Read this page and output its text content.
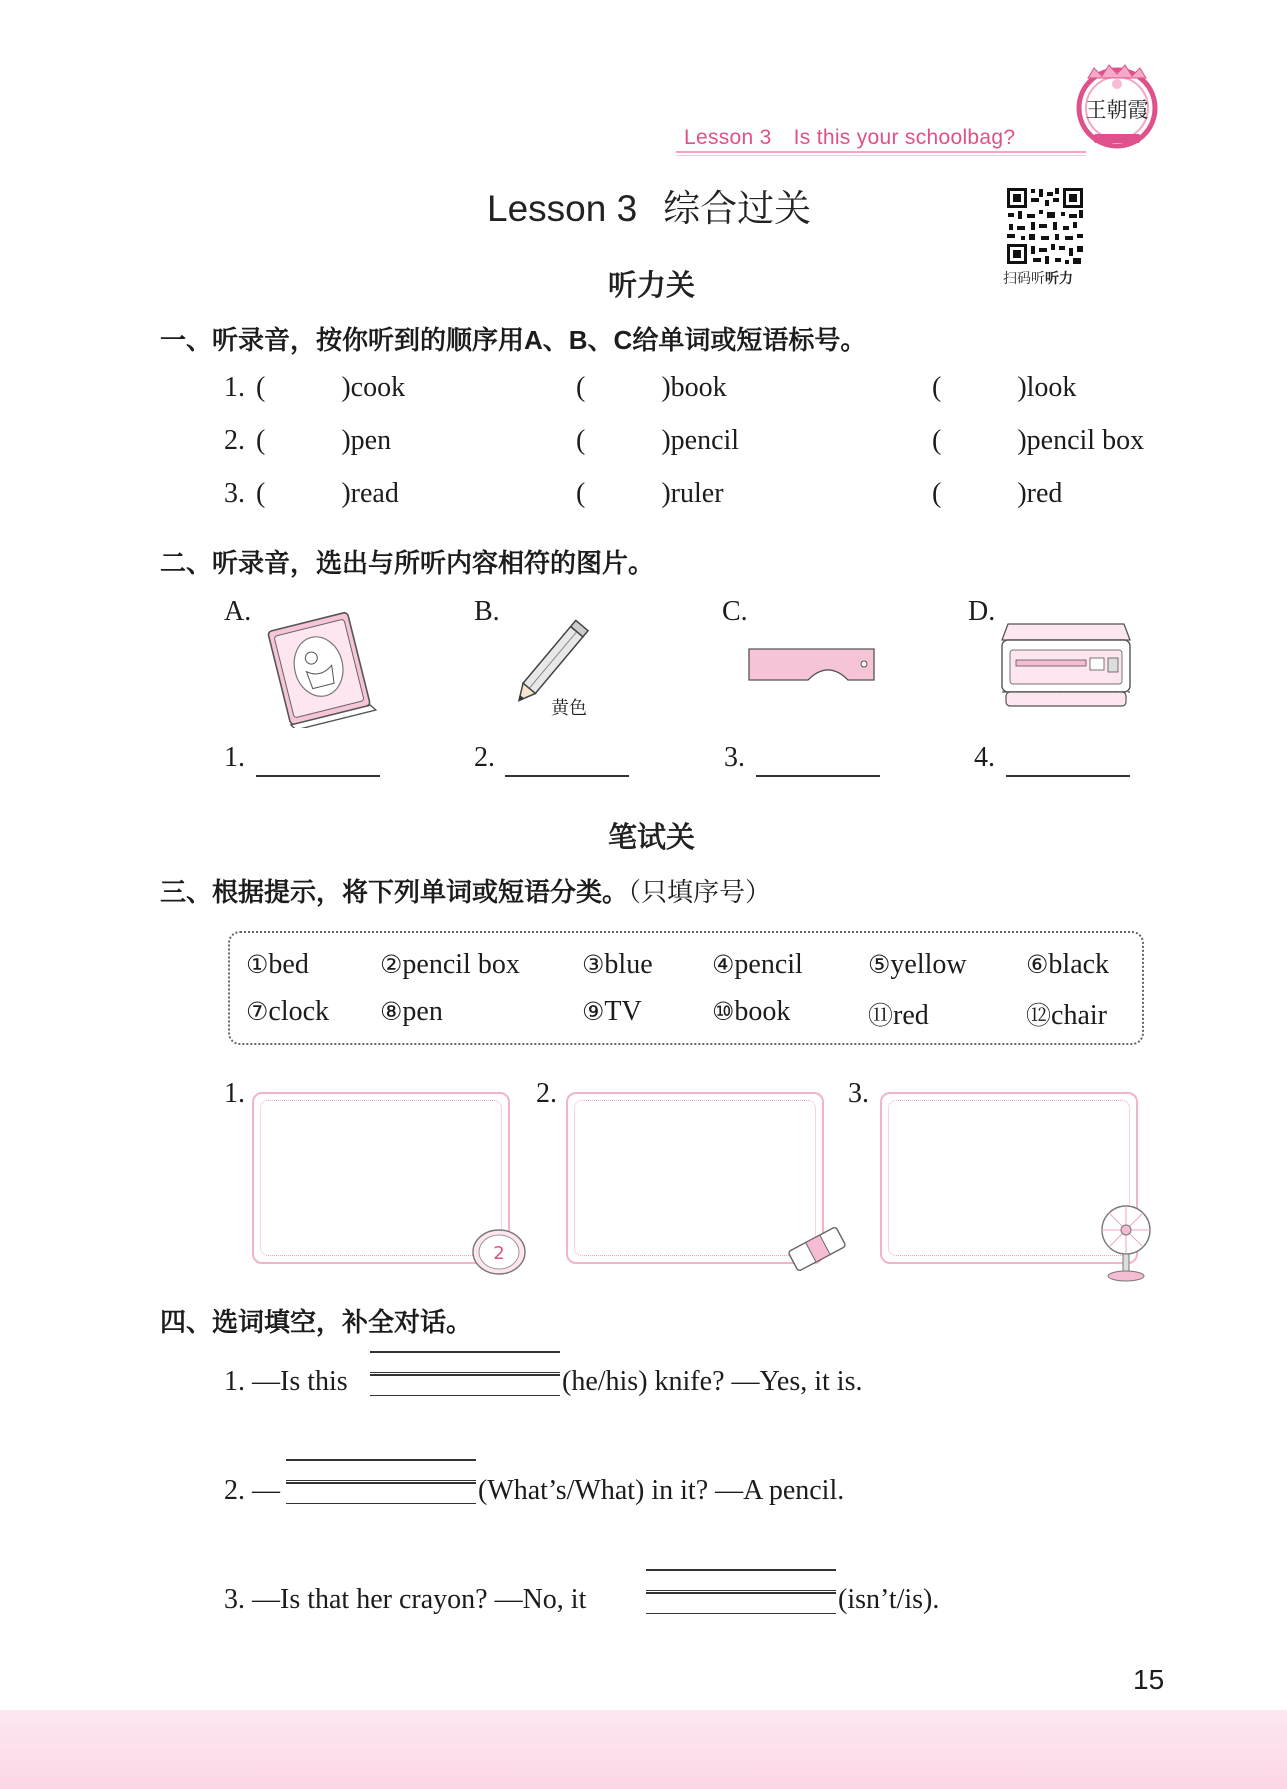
Lesson 3 Is this your schoolbag?
王朝霞
Lesson 3 综合过关
扫码听听力
听力关
一、听录音，按你听到的顺序用A、B、C给单词或短语标号。
1. (	)cook	(	)book	(	)look
2. (	)pen	(	)pencil	(	)pencil box
3. (	)read	(	)ruler	(	)red
二、听录音，选出与所听内容相符的图片。
A.	B.
黄色
C.	D.
1.	2.	3.	4.
笔试关
三、根据提示，将下列单词或短语分类。（只填序号）
①bed	②pencil box ③blue ④pencil	⑤yellow ⑥black
⑦clock ⑧pen	⑨TV	⑩book	⑪red	⑫chair
1.
2
2.	3.
四、选词填空，补全对话。
1. —Is this	(he/his) knife? —Yes, it is.
2. —	(What’s/What) in it? —A pencil.
3. —Is that her crayon? —No, it	(isn’t/is).
15
